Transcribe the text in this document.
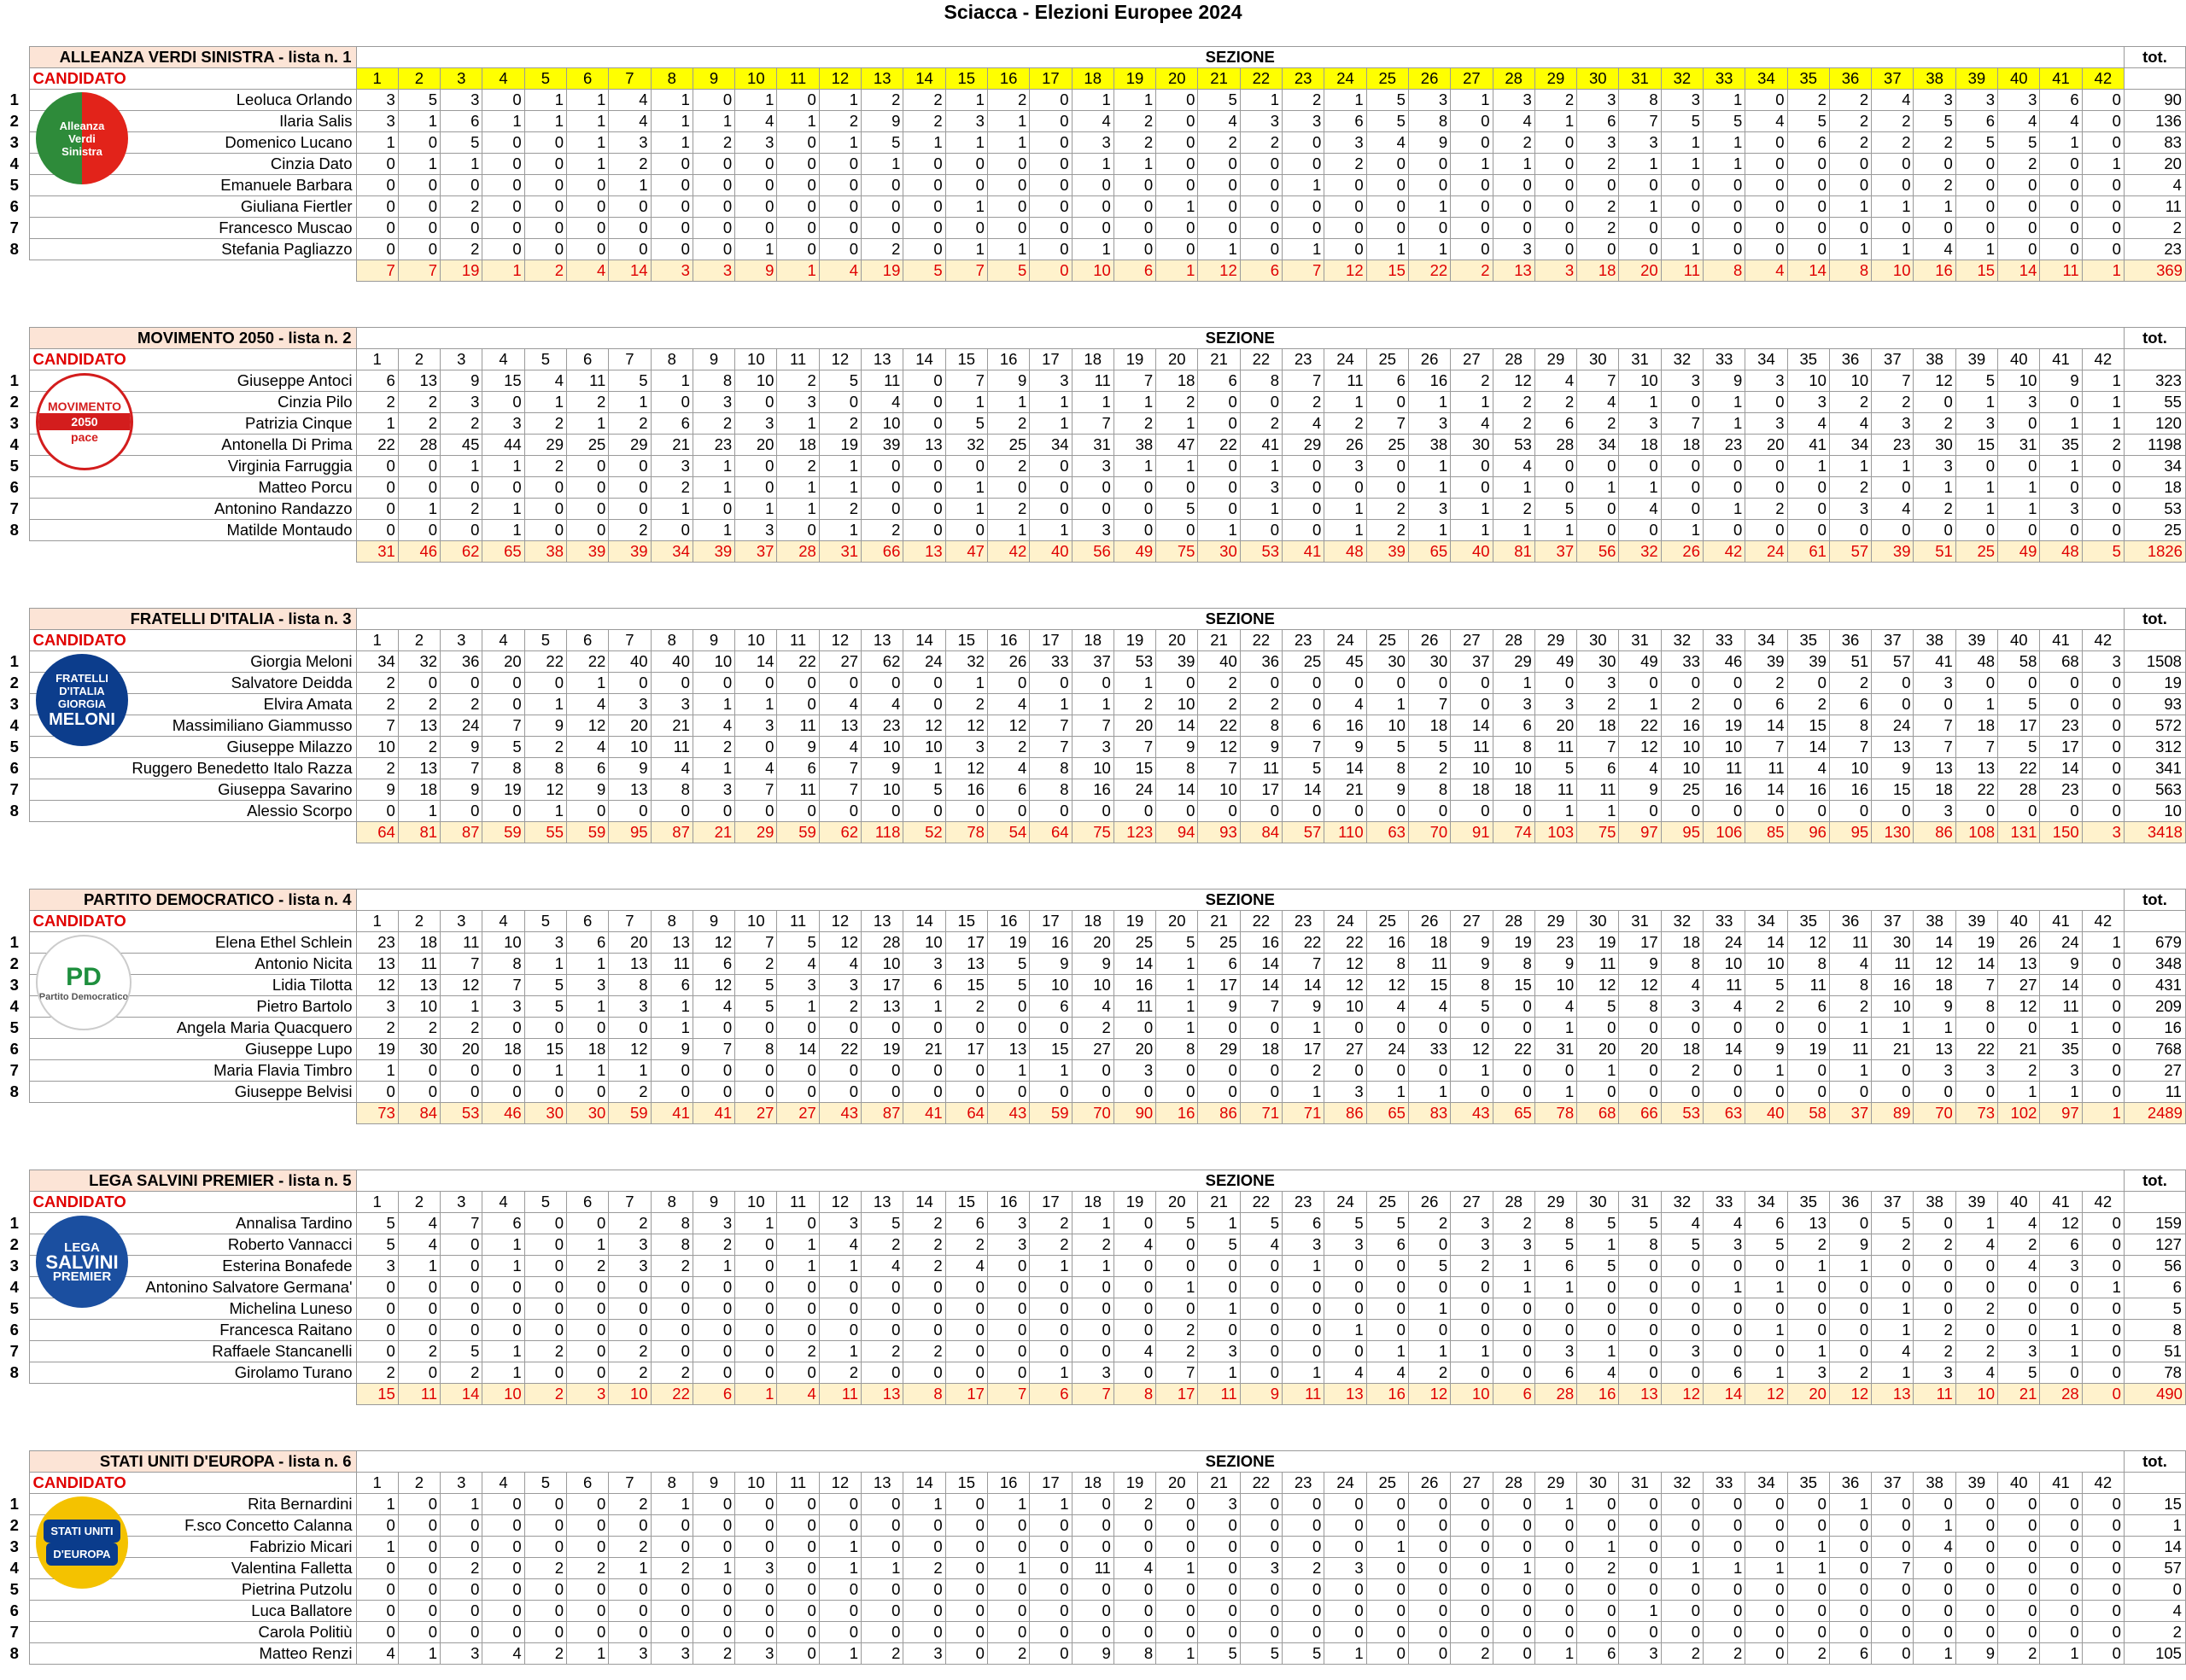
Sciacca - Elezioni Europee 2024
	ALLEANZA VERDI SINISTRA - lista n. 1	SEZIONE																																										tot.
	CANDIDATO	1	2	3	4	5	6	7	8	9	10	11	12	13	14	15	16	17	18	19	20	21	22	23	24	25	26	27	28	29	30	31	32	33	34	35	36	37	38	39	40	41	42	
1	Leoluca Orlando	3	5	3	0	1	1	4	1	0	1	0	1	2	2	1	2	0	1	1	0	5	1	2	1	5	3	1	3	2	3	8	3	1	0	2	2	4	3	3	3	6	0	90
2	Ilaria Salis	3	1	6	1	1	1	4	1	1	4	1	2	9	2	3	1	0	4	2	0	4	3	3	6	5	8	0	4	1	6	7	5	5	4	5	2	2	5	6	4	4	0	136
3	Domenico Lucano	1	0	5	0	0	1	3	1	2	3	0	1	5	1	1	1	0	3	2	0	2	2	0	3	4	9	0	2	0	3	3	1	1	0	6	2	2	2	5	5	1	0	83
4	Cinzia Dato	0	1	1	0	0	1	2	0	0	0	0	0	1	0	0	0	0	1	1	0	0	0	0	2	0	0	1	1	0	2	1	1	1	0	0	0	0	0	0	2	0	1	20
5	Emanuele Barbara	0	0	0	0	0	0	1	0	0	0	0	0	0	0	0	0	0	0	0	0	0	0	1	0	0	0	0	0	0	0	0	0	0	0	0	0	0	2	0	0	0	0	4
6	Giuliana Fiertler	0	0	2	0	0	0	0	0	0	0	0	0	0	0	1	0	0	0	0	1	0	0	0	0	0	1	0	0	0	2	1	0	0	0	0	1	1	1	0	0	0	0	11
7	Francesco Muscao	0	0	0	0	0	0	0	0	0	0	0	0	0	0	0	0	0	0	0	0	0	0	0	0	0	0	0	0	0	2	0	0	0	0	0	0	0	0	0	0	0	0	2
8	Stefania Pagliazzo	0	0	2	0	0	0	0	0	0	1	0	0	2	0	1	1	0	1	0	0	1	0	1	0	1	1	0	3	0	0	0	1	0	0	0	1	1	4	1	0	0	0	23
		7	7	19	1	2	4	14	3	3	9	1	4	19	5	7	5	0	10	6	1	12	6	7	12	15	22	2	13	3	18	20	11	8	4	14	8	10	16	15	14	11	1	369
Alleanza
Verdi
Sinistra
	MOVIMENTO 2050 - lista n. 2	SEZIONE																																										tot.
	CANDIDATO	1	2	3	4	5	6	7	8	9	10	11	12	13	14	15	16	17	18	19	20	21	22	23	24	25	26	27	28	29	30	31	32	33	34	35	36	37	38	39	40	41	42	
1	Giuseppe Antoci	6	13	9	15	4	11	5	1	8	10	2	5	11	0	7	9	3	11	7	18	6	8	7	11	6	16	2	12	4	7	10	3	9	3	10	10	7	12	5	10	9	1	323
2	Cinzia Pilo	2	2	3	0	1	2	1	0	3	0	3	0	4	0	1	1	1	1	1	2	0	0	2	1	0	1	1	2	2	4	1	0	1	0	3	2	2	0	1	3	0	1	55
3	Patrizia Cinque	1	2	2	3	2	1	2	6	2	3	1	2	10	0	5	2	1	7	2	1	0	2	4	2	7	3	4	2	6	2	3	7	1	3	4	4	3	2	3	0	1	1	120
4	Antonella Di Prima	22	28	45	44	29	25	29	21	23	20	18	19	39	13	32	25	34	31	38	47	22	41	29	26	25	38	30	53	28	34	18	18	23	20	41	34	23	30	15	31	35	2	1198
5	Virginia Farruggia	0	0	1	1	2	0	0	3	1	0	2	1	0	0	0	2	0	3	1	1	0	1	0	3	0	1	0	4	0	0	0	0	0	0	1	1	1	3	0	0	1	0	34
6	Matteo Porcu	0	0	0	0	0	0	0	2	1	0	1	1	0	0	1	0	0	0	0	0	0	3	0	0	0	1	0	1	0	1	1	0	0	0	0	2	0	1	1	1	0	0	18
7	Antonino Randazzo	0	1	2	1	0	0	0	1	0	1	1	2	0	0	1	2	0	0	0	5	0	1	0	1	2	3	1	2	5	0	4	0	1	2	0	3	4	2	1	1	3	0	53
8	Matilde Montaudo	0	0	0	1	0	0	2	0	1	3	0	1	2	0	0	1	1	3	0	0	1	0	0	1	2	1	1	1	1	0	0	1	0	0	0	0	0	0	0	0	0	0	25
		31	46	62	65	38	39	39	34	39	37	28	31	66	13	47	42	40	56	49	75	30	53	41	48	39	65	40	81	37	56	32	26	42	24	61	57	39	51	25	49	48	5	1826
MOVIMENTO
2050
pace
	FRATELLI D'ITALIA - lista n. 3	SEZIONE																																										tot.
	CANDIDATO	1	2	3	4	5	6	7	8	9	10	11	12	13	14	15	16	17	18	19	20	21	22	23	24	25	26	27	28	29	30	31	32	33	34	35	36	37	38	39	40	41	42	
1	Giorgia Meloni	34	32	36	20	22	22	40	40	10	14	22	27	62	24	32	26	33	37	53	39	40	36	25	45	30	30	37	29	49	30	49	33	46	39	39	51	57	41	48	58	68	3	1508
2	Salvatore Deidda	2	0	0	0	0	1	0	0	0	0	0	0	0	0	1	0	0	0	1	0	2	0	0	0	0	0	0	1	0	3	0	0	0	2	0	2	0	3	0	0	0	0	19
3	Elvira Amata	2	2	2	0	1	4	3	3	1	1	0	4	4	0	2	4	1	1	2	10	2	2	0	4	1	7	0	3	3	2	1	2	0	6	2	6	0	0	1	5	0	0	93
4	Massimiliano Giammusso	7	13	24	7	9	12	20	21	4	3	11	13	23	12	12	12	7	7	20	14	22	8	6	16	10	18	14	6	20	18	22	16	19	14	15	8	24	7	18	17	23	0	572
5	Giuseppe Milazzo	10	2	9	5	2	4	10	11	2	0	9	4	10	10	3	2	7	3	7	9	12	9	7	9	5	5	11	8	11	7	12	10	10	7	14	7	13	7	7	5	17	0	312
6	Ruggero Benedetto Italo Razza	2	13	7	8	8	6	9	4	1	4	6	7	9	1	12	4	8	10	15	8	7	11	5	14	8	2	10	10	5	6	4	10	11	11	4	10	9	13	13	22	14	0	341
7	Giuseppa Savarino	9	18	9	19	12	9	13	8	3	7	11	7	10	5	16	6	8	16	24	14	10	17	14	21	9	8	18	18	11	11	9	25	16	14	16	16	15	18	22	28	23	0	563
8	Alessio Scorpo	0	1	0	0	1	0	0	0	0	0	0	0	0	0	0	0	0	0	0	0	0	0	0	0	0	0	0	0	1	1	0	0	0	0	0	0	0	3	0	0	0	0	10
		64	81	87	59	55	59	95	87	21	29	59	62	118	52	78	54	64	75	123	94	93	84	57	110	63	70	91	74	103	75	97	95	106	85	96	95	130	86	108	131	150	3	3418
FRATELLI
D'ITALIA
GIORGIA
MELONI
	PARTITO DEMOCRATICO - lista n. 4	SEZIONE																																										tot.
	CANDIDATO	1	2	3	4	5	6	7	8	9	10	11	12	13	14	15	16	17	18	19	20	21	22	23	24	25	26	27	28	29	30	31	32	33	34	35	36	37	38	39	40	41	42	
1	Elena Ethel Schlein	23	18	11	10	3	6	20	13	12	7	5	12	28	10	17	19	16	20	25	5	25	16	22	22	16	18	9	19	23	19	17	18	24	14	12	11	30	14	19	26	24	1	679
2	Antonio Nicita	13	11	7	8	1	1	13	11	6	2	4	4	10	3	13	5	9	9	14	1	6	14	7	12	8	11	9	8	9	11	9	8	10	10	8	4	11	12	14	13	9	0	348
3	Lidia Tilotta	12	13	12	7	5	3	8	6	12	5	3	3	17	6	15	5	10	10	16	1	17	14	14	12	12	15	8	15	10	12	12	4	11	5	11	8	16	18	7	27	14	0	431
4	Pietro Bartolo	3	10	1	3	5	1	3	1	4	5	1	2	13	1	2	0	6	4	11	1	9	7	9	10	4	4	5	0	4	5	8	3	4	2	6	2	10	9	8	12	11	0	209
5	Angela Maria Quacquero	2	2	2	0	0	0	0	1	0	0	0	0	0	0	0	0	0	2	0	1	0	0	1	0	0	0	0	0	1	0	0	0	0	0	0	1	1	1	0	0	1	0	16
6	Giuseppe Lupo	19	30	20	18	15	18	12	9	7	8	14	22	19	21	17	13	15	27	20	8	29	18	17	27	24	33	12	22	31	20	20	18	14	9	19	11	21	13	22	21	35	0	768
7	Maria Flavia Timbro	1	0	0	0	1	1	1	0	0	0	0	0	0	0	0	1	1	0	3	0	0	0	2	0	0	0	1	0	0	1	0	2	0	1	0	1	0	3	3	2	3	0	27
8	Giuseppe Belvisi	0	0	0	0	0	0	2	0	0	0	0	0	0	0	0	0	0	0	0	0	0	0	1	3	1	1	0	0	1	0	0	0	0	0	0	0	0	0	0	1	1	0	11
		73	84	53	46	30	30	59	41	41	27	27	43	87	41	64	43	59	70	90	16	86	71	71	86	65	83	43	65	78	68	66	53	63	40	58	37	89	70	73	102	97	1	2489
PD
Partito Democratico
	LEGA SALVINI PREMIER - lista n. 5	SEZIONE																																										tot.
	CANDIDATO	1	2	3	4	5	6	7	8	9	10	11	12	13	14	15	16	17	18	19	20	21	22	23	24	25	26	27	28	29	30	31	32	33	34	35	36	37	38	39	40	41	42	
1	Annalisa Tardino	5	4	7	6	0	0	2	8	3	1	0	3	5	2	6	3	2	1	0	5	1	5	6	5	5	2	3	2	8	5	5	4	4	6	13	0	5	0	1	4	12	0	159
2	Roberto Vannacci	5	4	0	1	0	1	3	8	2	0	1	4	2	2	2	3	2	2	4	0	5	4	3	3	6	0	3	3	5	1	8	5	3	5	2	9	2	2	4	2	6	0	127
3	Esterina Bonafede	3	1	0	1	0	2	3	2	1	0	1	1	4	2	4	0	1	1	0	0	0	0	1	0	0	5	2	1	6	5	0	0	0	0	1	1	0	0	0	4	3	0	56
4	Antonino Salvatore Germana'	0	0	0	0	0	0	0	0	0	0	0	0	0	0	0	0	0	0	0	1	0	0	0	0	0	0	0	1	1	0	0	0	1	1	0	0	0	0	0	0	0	1	6
5	Michelina Luneso	0	0	0	0	0	0	0	0	0	0	0	0	0	0	0	0	0	0	0	0	1	0	0	0	0	1	0	0	0	0	0	0	0	0	0	0	1	0	2	0	0	0	5
6	Francesca Raitano	0	0	0	0	0	0	0	0	0	0	0	0	0	0	0	0	0	0	0	2	0	0	0	1	0	0	0	0	0	0	0	0	0	1	0	0	1	2	0	0	1	0	8
7	Raffaele Stancanelli	0	2	5	1	2	0	2	0	0	0	2	1	2	2	0	0	0	0	4	2	3	0	0	0	1	1	1	0	3	1	0	3	0	0	1	0	4	2	2	3	1	0	51
8	Girolamo Turano	2	0	2	1	0	0	2	2	0	0	0	2	0	0	0	0	1	3	0	7	1	0	1	4	4	2	0	0	6	4	0	0	6	1	3	2	1	3	4	5	0	0	78
		15	11	14	10	2	3	10	22	6	1	4	11	13	8	17	7	6	7	8	17	11	9	11	13	16	12	10	6	28	16	13	12	14	12	20	12	13	11	10	21	28	0	490
LEGA
SALVINI
PREMIER
	STATI UNITI D'EUROPA - lista n. 6	SEZIONE																																										tot.
	CANDIDATO	1	2	3	4	5	6	7	8	9	10	11	12	13	14	15	16	17	18	19	20	21	22	23	24	25	26	27	28	29	30	31	32	33	34	35	36	37	38	39	40	41	42	
1	Rita Bernardini	1	0	1	0	0	0	2	1	0	0	0	0	0	1	0	1	1	0	2	0	3	0	0	0	0	0	0	0	1	0	0	0	0	0	0	1	0	0	0	0	0	0	15
2	F.sco Concetto Calanna	0	0	0	0	0	0	0	0	0	0	0	0	0	0	0	0	0	0	0	0	0	0	0	0	0	0	0	0	0	0	0	0	0	0	0	0	0	1	0	0	0	0	1
3	Fabrizio Micari	1	0	0	0	0	0	2	0	0	0	0	1	0	0	0	0	0	0	0	0	0	0	0	0	1	0	0	0	0	1	0	0	0	0	1	0	0	4	0	0	0	0	14
4	Valentina Falletta	0	0	2	0	2	2	1	2	1	3	0	1	1	2	0	1	0	11	4	1	0	3	2	3	0	0	0	1	0	2	0	1	1	1	1	0	7	0	0	0	0	0	57
5	Pietrina Putzolu	0	0	0	0	0	0	0	0	0	0	0	0	0	0	0	0	0	0	0	0	0	0	0	0	0	0	0	0	0	0	0	0	0	0	0	0	0	0	0	0	0	0	0
6	Luca Ballatore	0	0	0	0	0	0	0	0	0	0	0	0	0	0	0	0	0	0	0	0	0	0	0	0	0	0	0	0	0	0	1	0	0	0	0	0	0	0	0	0	0	0	4
7	Carola Politiù	0	0	0	0	0	0	0	0	0	0	0	0	0	0	0	0	0	0	0	0	0	0	0	0	0	0	0	0	0	0	0	0	0	0	0	0	0	0	0	0	0	0	2
8	Matteo Renzi	4	1	3	4	2	1	3	3	2	3	0	1	2	3	0	2	0	9	8	1	5	5	5	1	0	0	2	0	1	6	3	2	2	0	2	6	0	1	9	2	1	0	105
STATI UNITI
D'EUROPA
